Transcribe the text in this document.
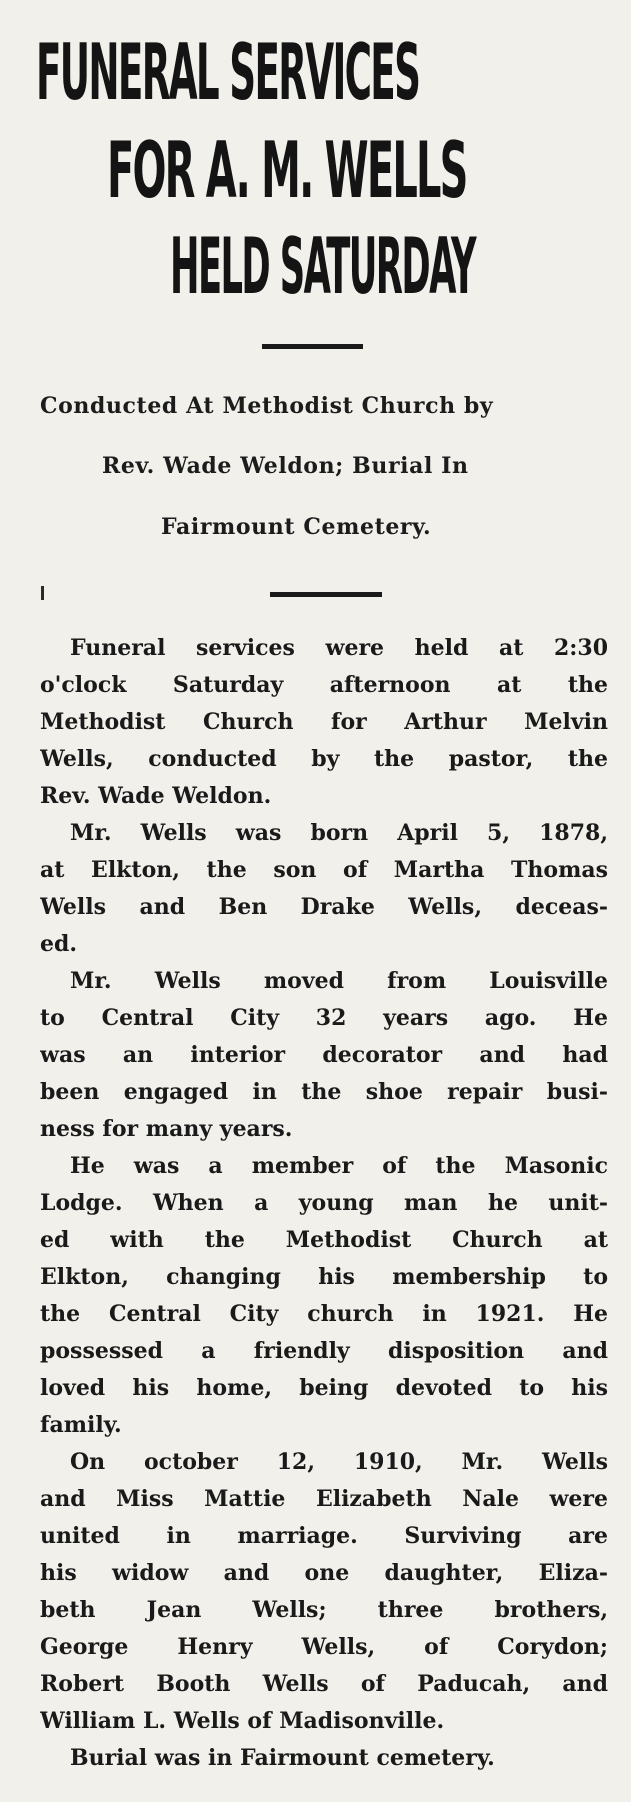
FUNERAL SERVICES
FOR A. M. WELLS
HELD SATURDAY
Conducted At Methodist Church by
Rev. Wade Weldon; Burial In
Fairmount Cemetery.
Funeral services were held at 2:30
o'clock Saturday afternoon at the
Methodist Church for Arthur Melvin
Wells, conducted by the pastor, the
Rev. Wade Weldon.
Mr. Wells was born April 5, 1878,
at Elkton, the son of Martha Thomas
Wells and Ben Drake Wells, deceas-
ed.
Mr. Wells moved from Louisville
to Central City 32 years ago. He
was an interior decorator and had
been engaged in the shoe repair busi-
ness for many years.
He was a member of the Masonic
Lodge. When a young man he unit-
ed with the Methodist Church at
Elkton, changing his membership to
the Central City church in 1921. He
possessed a friendly disposition and
loved his home, being devoted to his
family.
On october 12, 1910, Mr. Wells
and Miss Mattie Elizabeth Nale were
united in marriage. Surviving are
his widow and one daughter, Eliza-
beth Jean Wells; three brothers,
George Henry Wells, of Corydon;
Robert Booth Wells of Paducah, and
William L. Wells of Madisonville.
Burial was in Fairmount cemetery.
